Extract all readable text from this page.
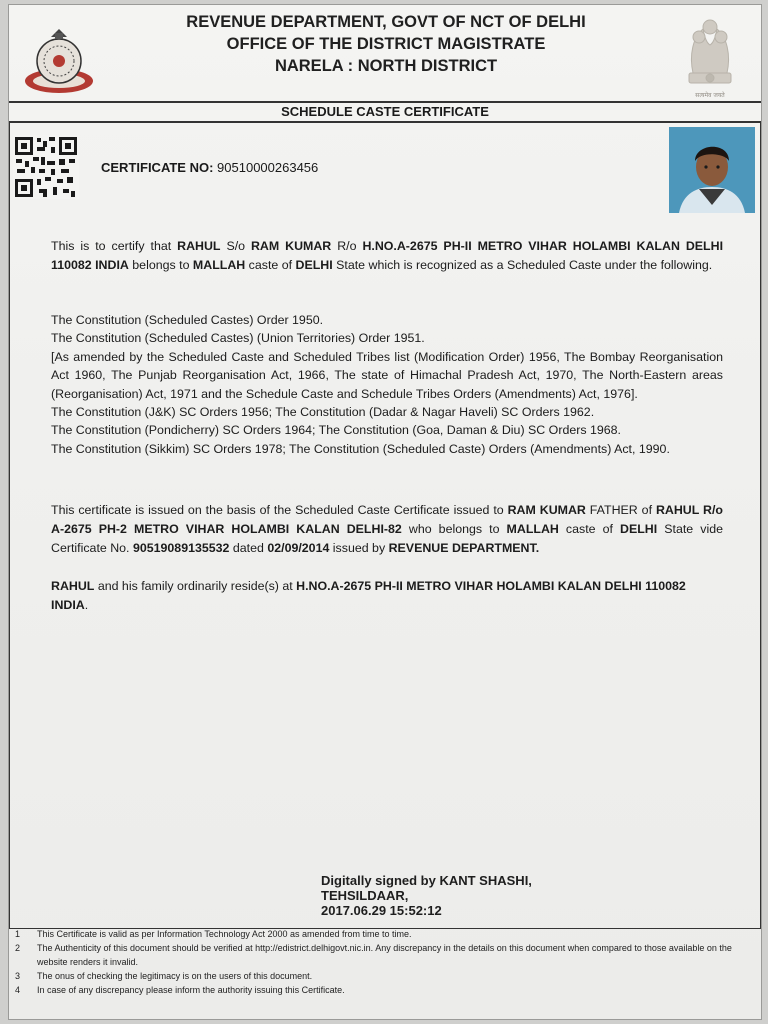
REVENUE DEPARTMENT, GOVT OF NCT OF DELHI
OFFICE OF THE DISTRICT MAGISTRATE
NARELA : NORTH DISTRICT
सत्यमेव जयते
SCHEDULE CASTE CERTIFICATE
CERTIFICATE NO: 90510000263456
This is to certify that RAHUL S/o RAM KUMAR R/o H.NO.A-2675 PH-II METRO VIHAR HOLAMBI KALAN DELHI 110082 INDIA belongs to MALLAH caste of DELHI State which is recognized as a Scheduled Caste under the following.
The Constitution (Scheduled Castes) Order 1950.
The Constitution (Scheduled Castes) (Union Territories) Order 1951.
[As amended by the Scheduled Caste and Scheduled Tribes list (Modification Order) 1956, The Bombay Reorganisation Act 1960, The Punjab Reorganisation Act, 1966, The state of Himachal Pradesh Act, 1970, The North-Eastern areas (Reorganisation) Act, 1971 and the Schedule Caste and Schedule Tribes Orders (Amendments) Act, 1976].
The Constitution (J&K) SC Orders 1956; The Constitution (Dadar & Nagar Haveli) SC Orders 1962.
The Constitution (Pondicherry) SC Orders 1964; The Constitution (Goa, Daman & Diu) SC Orders 1968.
The Constitution (Sikkim) SC Orders 1978; The Constitution (Scheduled Caste) Orders (Amendments) Act, 1990.
This certificate is issued on the basis of the Scheduled Caste Certificate issued to RAM KUMAR FATHER of RAHUL R/o A-2675 PH-2 METRO VIHAR HOLAMBI KALAN DELHI-82 who belongs to MALLAH caste of DELHI State vide Certificate No. 90519089135532 dated 02/09/2014 issued by REVENUE DEPARTMENT.
RAHUL and his family ordinarily reside(s) at H.NO.A-2675 PH-II METRO VIHAR HOLAMBI KALAN DELHI 110082 INDIA.
Digitally signed by KANT SHASHI,
TEHSILDAAR,
2017.06.29 15:52:12
1	This Certificate is valid as per Information Technology Act 2000 as amended from time to time.
2	The Authenticity of this document should be verified at http://edistrict.delhigovt.nic.in. Any discrepancy in the details on this document when compared to those available on the website renders it invalid.
3	The onus of checking the legitimacy is on the users of this document.
4	In case of any discrepancy please inform the authority issuing this Certificate.
